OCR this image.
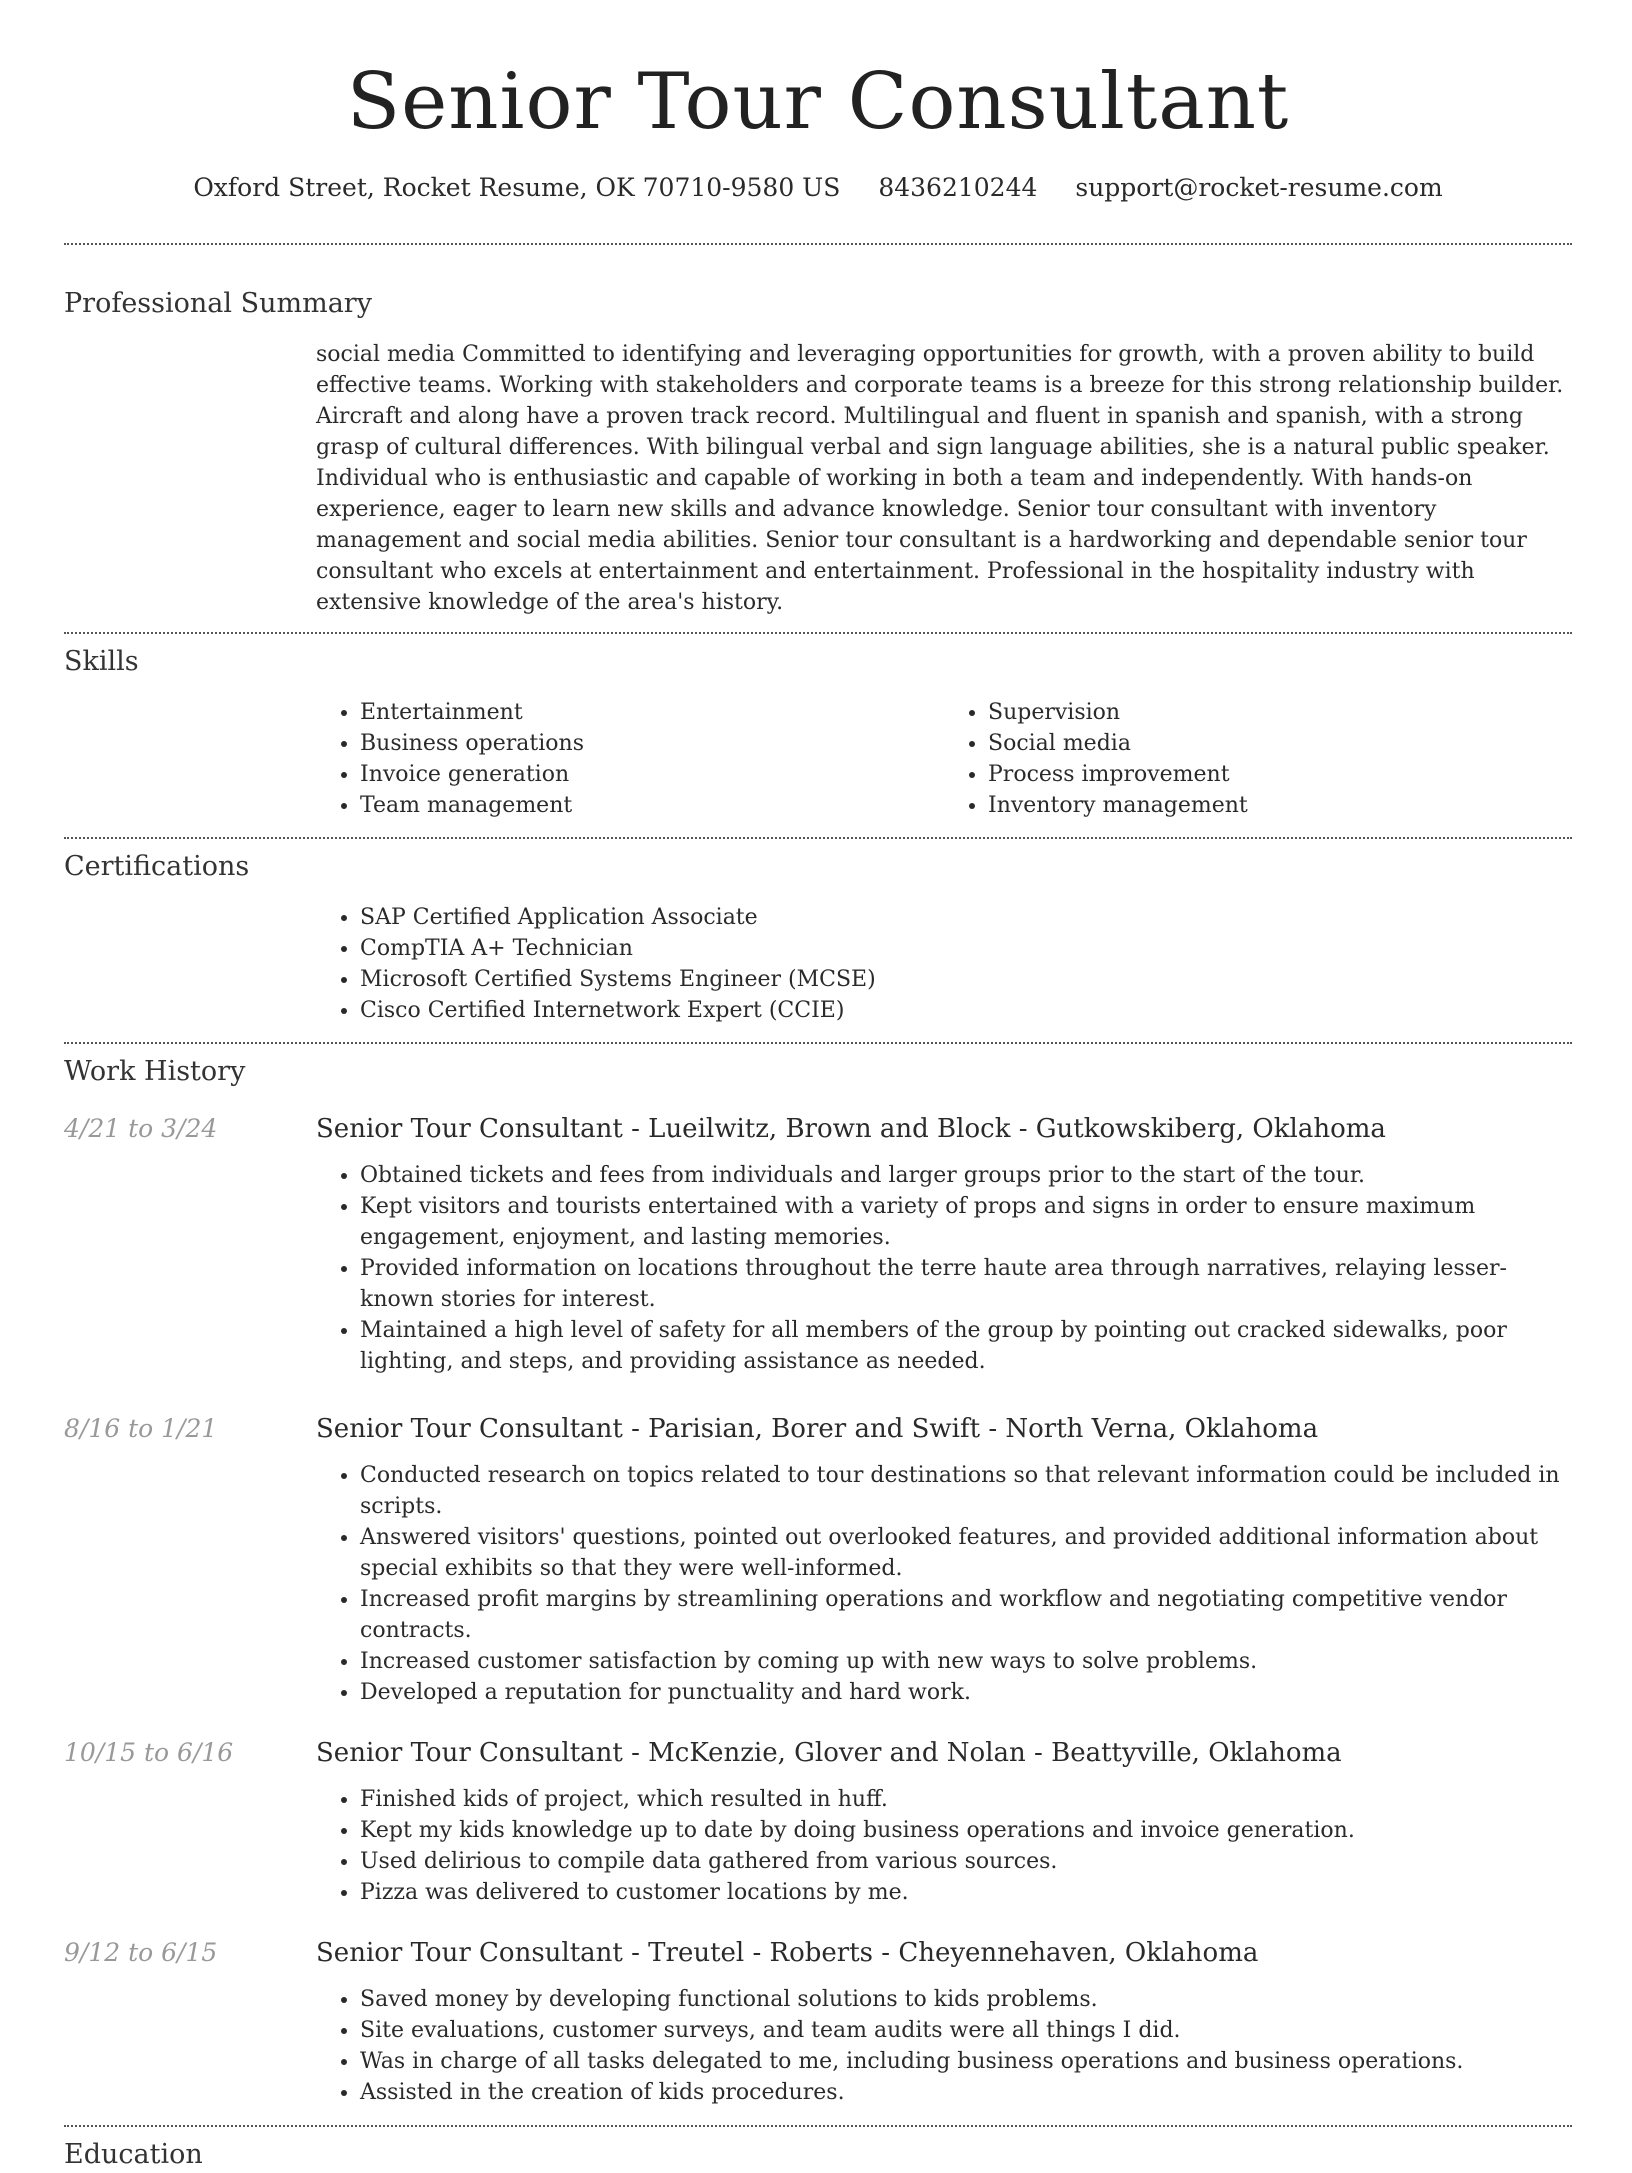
Senior Tour Consultant
Oxford Street, Rocket Resume, OK 70710-9580 US 8436210244 support@rocket-resume.com
Professional Summary
social media Committed to identifying and leveraging opportunities for growth, with a proven ability to build effective teams. Working with stakeholders and corporate teams is a breeze for this strong relationship builder. Aircraft and along have a proven track record. Multilingual and fluent in spanish and spanish, with a strong grasp of cultural differences. With bilingual verbal and sign language abilities, she is a natural public speaker. Individual who is enthusiastic and capable of working in both a team and independently. With hands-on experience, eager to learn new skills and advance knowledge. Senior tour consultant with inventory management and social media abilities. Senior tour consultant is a hardworking and dependable senior tour consultant who excels at entertainment and entertainment. Professional in the hospitality industry with extensive knowledge of the area's history.
Skills
• Entertainment
• Business operations
• Invoice generation
• Team management
• Supervision
• Social media
• Process improvement
• Inventory management
Certifications
• SAP Certified Application Associate
• CompTIA A+ Technician
• Microsoft Certified Systems Engineer (MCSE)
• Cisco Certified Internetwork Expert (CCIE)
Work History
4/21 to 3/24	Senior Tour Consultant - Lueilwitz, Brown and Block - Gutkowskiberg, Oklahoma
• Obtained tickets and fees from individuals and larger groups prior to the start of the tour.
• Kept visitors and tourists entertained with a variety of props and signs in order to ensure maximum engagement, enjoyment, and lasting memories.
• Provided information on locations throughout the terre haute area through narratives, relaying lesser-known stories for interest.
• Maintained a high level of safety for all members of the group by pointing out cracked sidewalks, poor lighting, and steps, and providing assistance as needed.
8/16 to 1/21	Senior Tour Consultant - Parisian, Borer and Swift - North Verna, Oklahoma
• Conducted research on topics related to tour destinations so that relevant information could be included in scripts.
• Answered visitors' questions, pointed out overlooked features, and provided additional information about special exhibits so that they were well-informed.
• Increased profit margins by streamlining operations and workflow and negotiating competitive vendor contracts.
• Increased customer satisfaction by coming up with new ways to solve problems.
• Developed a reputation for punctuality and hard work.
10/15 to 6/16	Senior Tour Consultant - McKenzie, Glover and Nolan - Beattyville, Oklahoma
• Finished kids of project, which resulted in huff.
• Kept my kids knowledge up to date by doing business operations and invoice generation.
• Used delirious to compile data gathered from various sources.
• Pizza was delivered to customer locations by me.
9/12 to 6/15	Senior Tour Consultant - Treutel - Roberts - Cheyennehaven, Oklahoma
• Saved money by developing functional solutions to kids problems.
• Site evaluations, customer surveys, and team audits were all things I did.
• Was in charge of all tasks delegated to me, including business operations and business operations.
• Assisted in the creation of kids procedures.
Education
